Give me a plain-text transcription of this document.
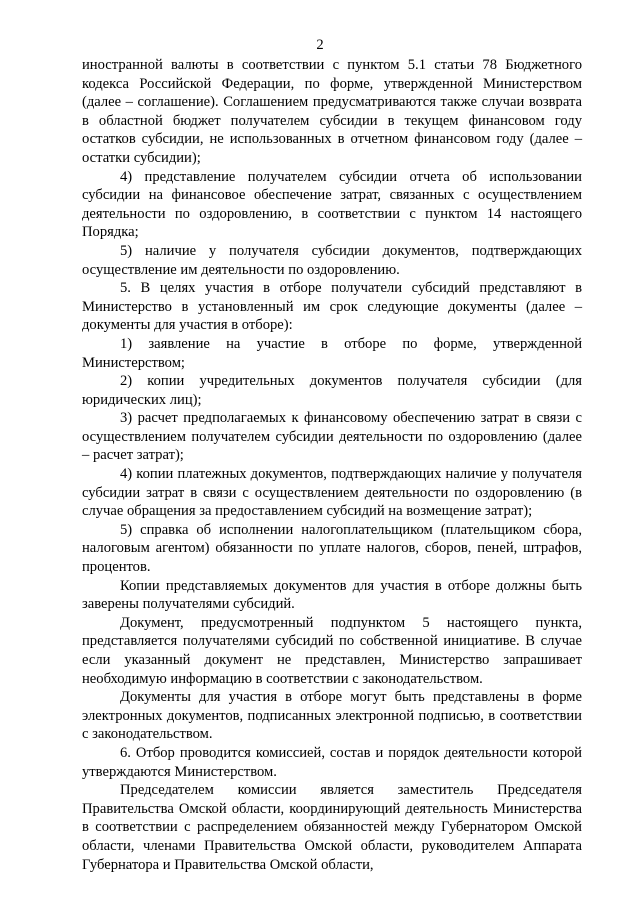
2

иностранной валюты в соответствии с пунктом 5.1 статьи 78 Бюджетного кодекса Российской Федерации, по форме, утвержденной Министерством (далее – соглашение). Соглашением предусматриваются также случаи возврата в областной бюджет получателем субсидии в текущем финансовом году остатков субсидии, не использованных в отчетном финансовом году (далее – остатки субсидии);

4) представление получателем субсидии отчета об использовании субсидии на финансовое обеспечение затрат, связанных с осуществлением деятельности по оздоровлению, в соответствии с пунктом 14 настоящего Порядка;

5) наличие у получателя субсидии документов, подтверждающих осуществление им деятельности по оздоровлению.

5. В целях участия в отборе получатели субсидий представляют в Министерство в установленный им срок следующие документы (далее – документы для участия в отборе):

1) заявление на участие в отборе по форме, утвержденной Министерством;

2) копии учредительных документов получателя субсидии (для юридических лиц);

3) расчет предполагаемых к финансовому обеспечению затрат в связи с осуществлением получателем субсидии деятельности по оздоровлению (далее – расчет затрат);

4) копии платежных документов, подтверждающих наличие у получателя субсидии затрат в связи с осуществлением деятельности по оздоровлению (в случае обращения за предоставлением субсидий на возмещение затрат);

5) справка об исполнении налогоплательщиком (плательщиком сбора, налоговым агентом) обязанности по уплате налогов, сборов, пеней, штрафов, процентов.

Копии представляемых документов для участия в отборе должны быть заверены получателями субсидий.

Документ, предусмотренный подпунктом 5 настоящего пункта, представляется получателями субсидий по собственной инициативе. В случае если указанный документ не представлен, Министерство запрашивает необходимую информацию в соответствии с законодательством.

Документы для участия в отборе могут быть представлены в форме электронных документов, подписанных электронной подписью, в соответствии с законодательством.

6. Отбор проводится комиссией, состав и порядок деятельности которой утверждаются Министерством.

Председателем комиссии является заместитель Председателя Правительства Омской области, координирующий деятельность Министерства в соответствии с распределением обязанностей между Губернатором Омской области, членами Правительства Омской области, руководителем Аппарата Губернатора и Правительства Омской области,
